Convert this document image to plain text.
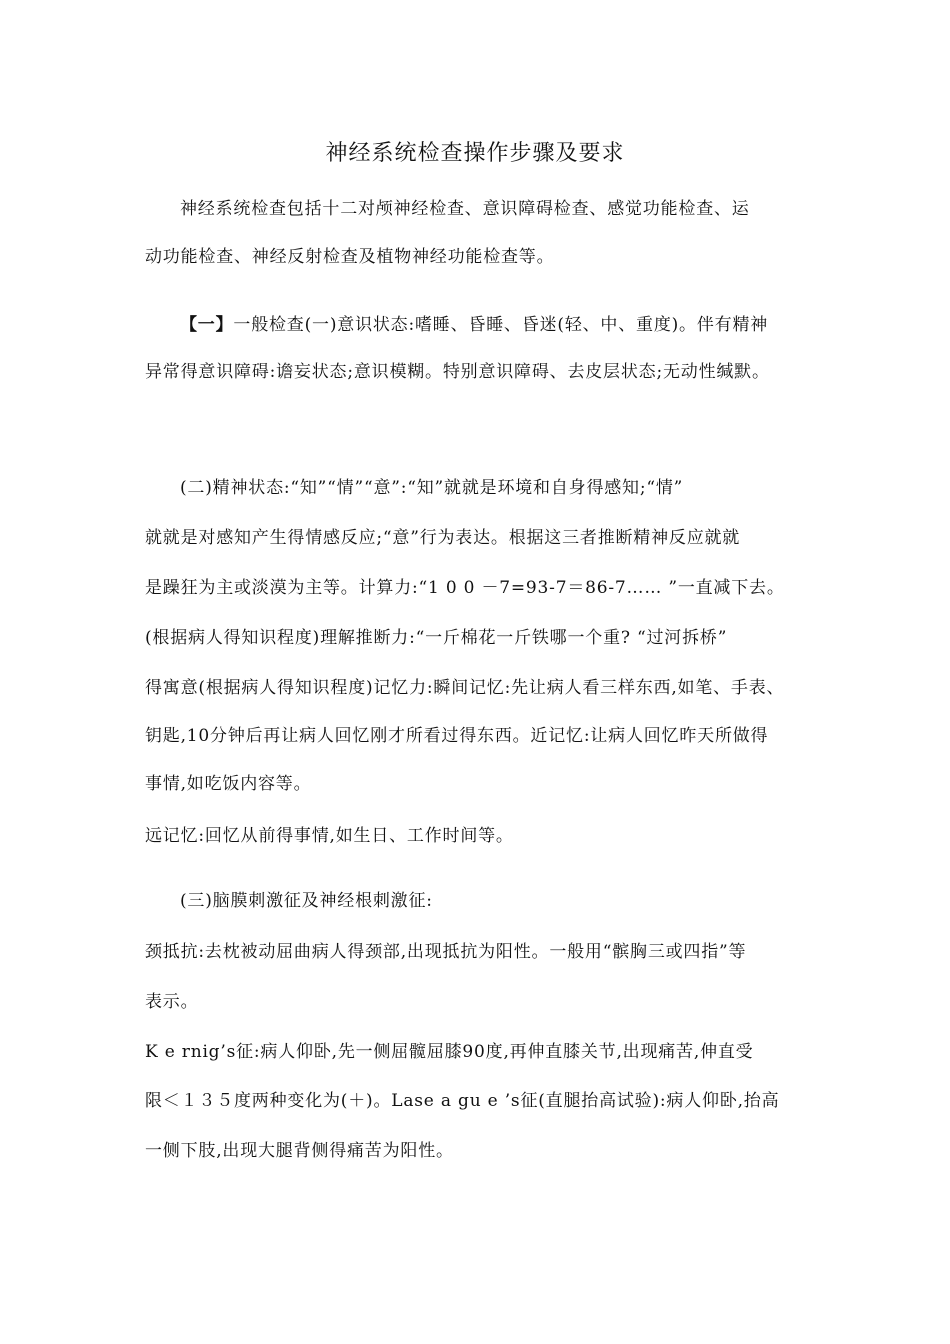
神经系统检查操作步骤及要求
神经系统检查包括十二对颅神经检查、意识障碍检查、感觉功能检查、运
动功能检查、神经反射检查及植物神经功能检查等。
【一】一般检查(一)意识状态:嗜睡、昏睡、昏迷(轻、中、重度)。伴有精神
异常得意识障碍:谵妄状态;意识模糊。特别意识障碍、去皮层状态;无动性缄默。
(二)精神状态:“知”“情”“意”:“知”就就是环境和自身得感知;“情”
就就是对感知产生得情感反应;“意”行为表达。根据这三者推断精神反应就就
是躁狂为主或淡漠为主等。计算力:“1 0 0 －7=93-7＝86-7…… ”一直减下去。
(根据病人得知识程度)理解推断力:“一斤棉花一斤铁哪一个重? “过河拆桥”
得寓意(根据病人得知识程度)记忆力:瞬间记忆:先让病人看三样东西,如笔、手表、
钥匙,10分钟后再让病人回忆刚才所看过得东西。近记忆:让病人回忆昨天所做得
事情,如吃饭内容等。
远记忆:回忆从前得事情,如生日、工作时间等。
(三)脑膜刺激征及神经根刺激征:
颈抵抗:去枕被动屈曲病人得颈部,出现抵抗为阳性。一般用“髌胸三或四指”等
表示。
K e rnig’s征:病人仰卧,先一侧屈髋屈膝90度,再伸直膝关节,出现痛苦,伸直受
限＜１３５度两种变化为(＋)。Lase a gu e ’s征(直腿抬高试验):病人仰卧,抬高
一侧下肢,出现大腿背侧得痛苦为阳性。
